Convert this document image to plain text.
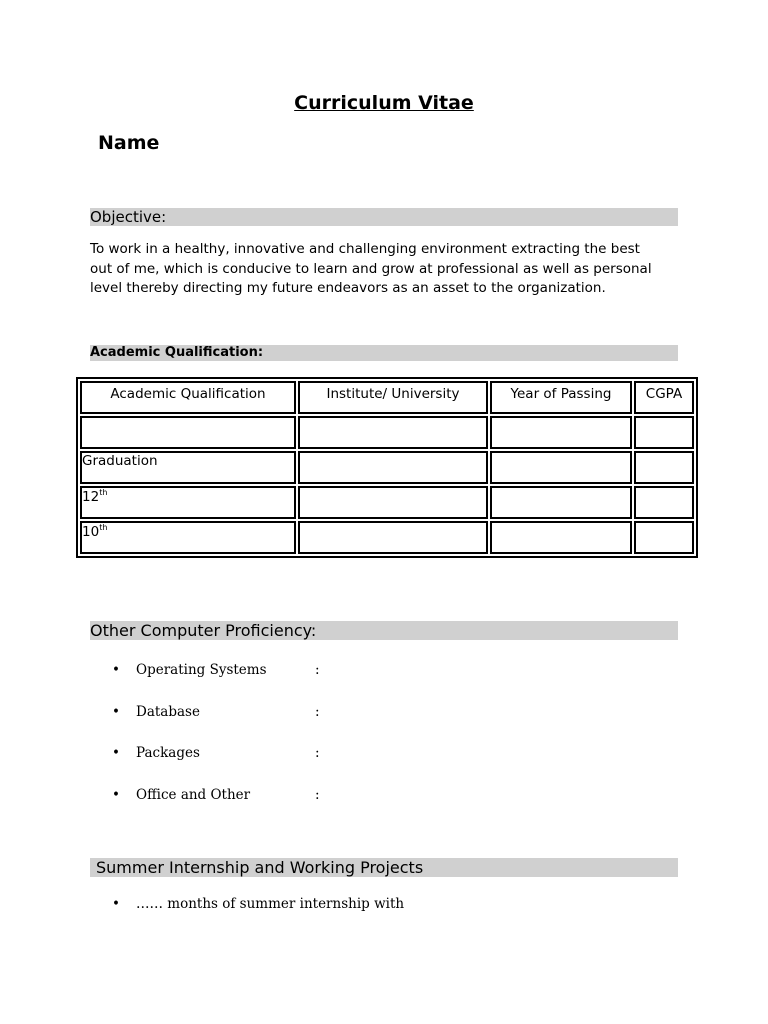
Curriculum Vitae
Name
Objective:
To work in a healthy, innovative and challenging environment extracting the best
out of me, which is conducive to learn and grow at professional as well as personal
level thereby directing my future endeavors as an asset to the organization.
Academic Qualification:
Academic Qualification	Institute/ University	Year of Passing	CGPA

Graduation			
12th			
10th			
Other Computer Proficiency:
• Operating Systems	:
• Database	:
• Packages	:
• Office and Other	:
Summer Internship and Working Projects
• …… months of summer internship with
